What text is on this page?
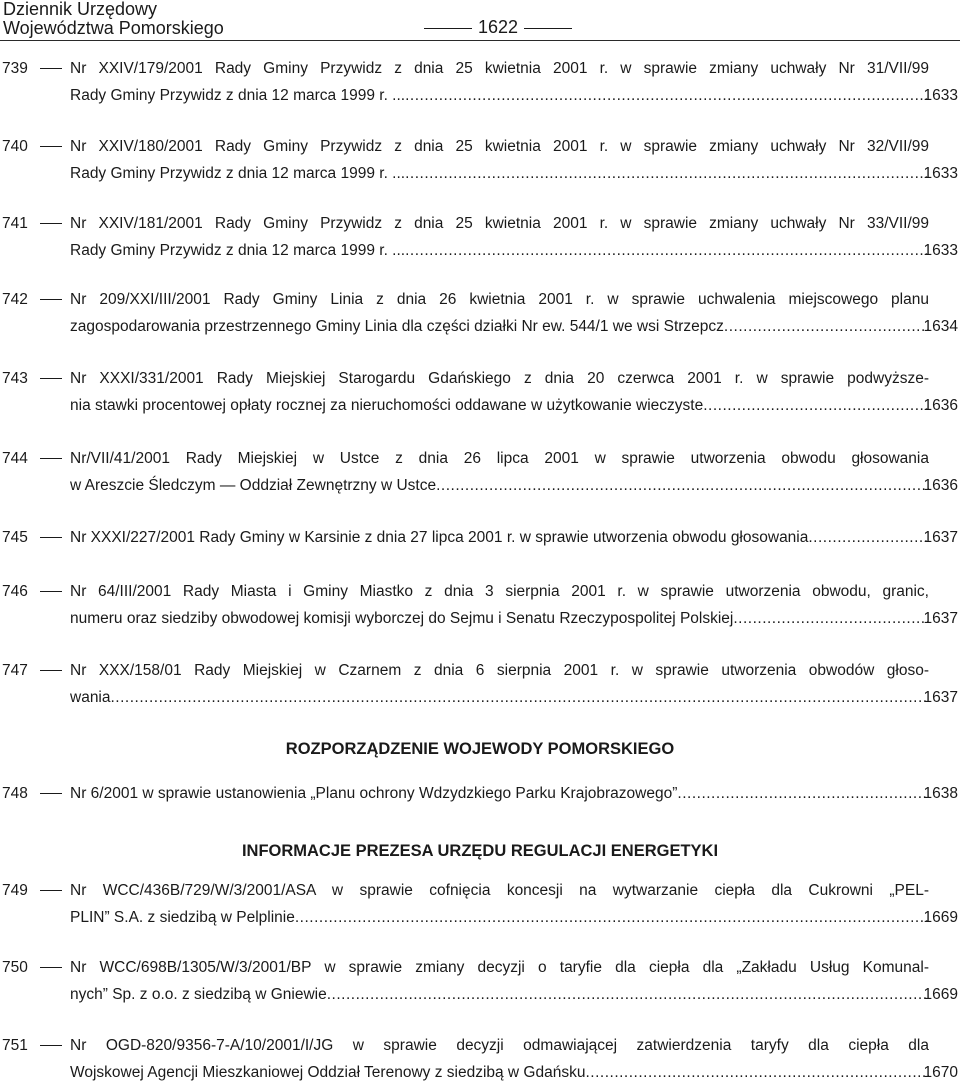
Dziennik Urzędowy
Województwa Pomorskiego	1622
739	Nr XXIV/179/2001 Rady Gminy Przywidz z dnia 25 kwietnia 2001 r. w sprawie zmiany uchwały Nr 31/VII/99
Rady Gminy Przywidz z dnia 12 marca 1999 r. ... .....	1633
740	Nr XXIV/180/2001 Rady Gminy Przywidz z dnia 25 kwietnia 2001 r. w sprawie zmiany uchwały Nr 32/VII/99
Rady Gminy Przywidz z dnia 12 marca 1999 r. ... .....	1633
741	Nr XXIV/181/2001 Rady Gminy Przywidz z dnia 25 kwietnia 2001 r. w sprawie zmiany uchwały Nr 33/VII/99
Rady Gminy Przywidz z dnia 12 marca 1999 r. ... .....	1633
742	Nr 209/XXI/III/2001 Rady Gminy Linia z dnia 26 kwietnia 2001 r. w sprawie uchwalenia miejscowego planu
zagospodarowania przestrzennego Gminy Linia dla części działki Nr ew. 544/1 we wsi Strzepcz .....	1634
743	Nr XXXI/331/2001 Rady Miejskiej Starogardu Gdańskiego z dnia 20 czerwca 2001 r. w sprawie podwyższe-
nia stawki procentowej opłaty rocznej za nieruchomości oddawane w użytkowanie wieczyste .....	1636
744	Nr/VII/41/2001 Rady Miejskiej w Ustce z dnia 26 lipca 2001 w sprawie utworzenia obwodu głosowania
w Areszcie Śledczym — Oddział Zewnętrzny w Ustce .....	1636
745	Nr XXXI/227/2001 Rady Gminy w Karsinie z dnia 27 lipca 2001 r. w sprawie utworzenia obwodu głosowania .....	1637
746	Nr 64/III/2001 Rady Miasta i Gminy Miastko z dnia 3 sierpnia 2001 r. w sprawie utworzenia obwodu, granic,
numeru oraz siedziby obwodowej komisji wyborczej do Sejmu i Senatu Rzeczypospolitej Polskiej .....	1637
747	Nr XXX/158/01 Rady Miejskiej w Czarnem z dnia 6 sierpnia 2001 r. w sprawie utworzenia obwodów głoso-
wania .....	1637
748	Nr 6/2001 w sprawie ustanowienia „Planu ochrony Wdzydzkiego Parku Krajobrazowego” .....	1638
749	Nr WCC/436B/729/W/3/2001/ASA w sprawie cofnięcia koncesji na wytwarzanie ciepła dla Cukrowni „PEL-
PLIN” S.A. z siedzibą w Pelplinie .....	1669
750	Nr WCC/698B/1305/W/3/2001/BP w sprawie zmiany decyzji o taryfie dla ciepła dla „Zakładu Usług Komunal-
nych” Sp. z o.o. z siedzibą w Gniewie .....	1669
751	Nr OGD-820/9356-7-A/10/2001/I/JG w sprawie decyzji odmawiającej zatwierdzenia taryfy dla ciepła dla
Wojskowej Agencji Mieszkaniowej Oddział Terenowy z siedzibą w Gdańsku .....	1670
ROZPORZĄDZENIE WOJEWODY POMORSKIEGO
INFORMACJE PREZESA URZĘDU REGULACJI ENERGETYKI
